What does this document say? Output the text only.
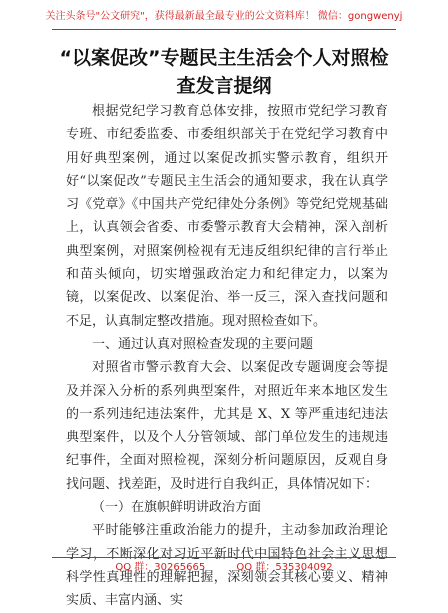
关注头条号"公文研究"，获得最新最全最专业的公文资料库！ 微信：gongwenyj
“以案促改”专题民主生活会个人对照检查发言提纲

根据党纪学习教育总体安排，按照市党纪学习教育专班、市纪委监委、市委组织部关于在党纪学习教育中用好典型案例，通过以案促改抓实警示教育，组织开好“以案促改”专题民主生活会的通知要求，我在认真学习《党章》《中国共产党纪律处分条例》等党纪党规基础上，认真领会省委、市委警示教育大会精神，深入剖析典型案例，对照案例检视有无违反组织纪律的言行举止和苗头倾向，切实增强政治定力和纪律定力，以案为镜，以案促改、以案促治、举一反三，深入查找问题和不足，认真制定整改措施。现对照检查如下。

一、通过认真对照检查发现的主要问题

对照省市警示教育大会、以案促改专题调度会等提及并深入分析的系列典型案件，对照近年来本地区发生的一系列违纪违法案件，尤其是 X、X 等严重违纪违法典型案件，以及个人分管领域、部门单位发生的违规违纪事件，全面对照检视，深刻分析问题原因，反观自身找问题、找差距，及时进行自我纠正，具体情况如下：

（一）在旗帜鲜明讲政治方面

平时能够注重政治能力的提升，主动参加政治理论学习，不断深化对习近平新时代中国特色社会主义思想科学性真理性的理解把握，深刻领会其核心要义、精神实质、丰富内涵、实

QQ 群：30265665	QQ 群：535304092
